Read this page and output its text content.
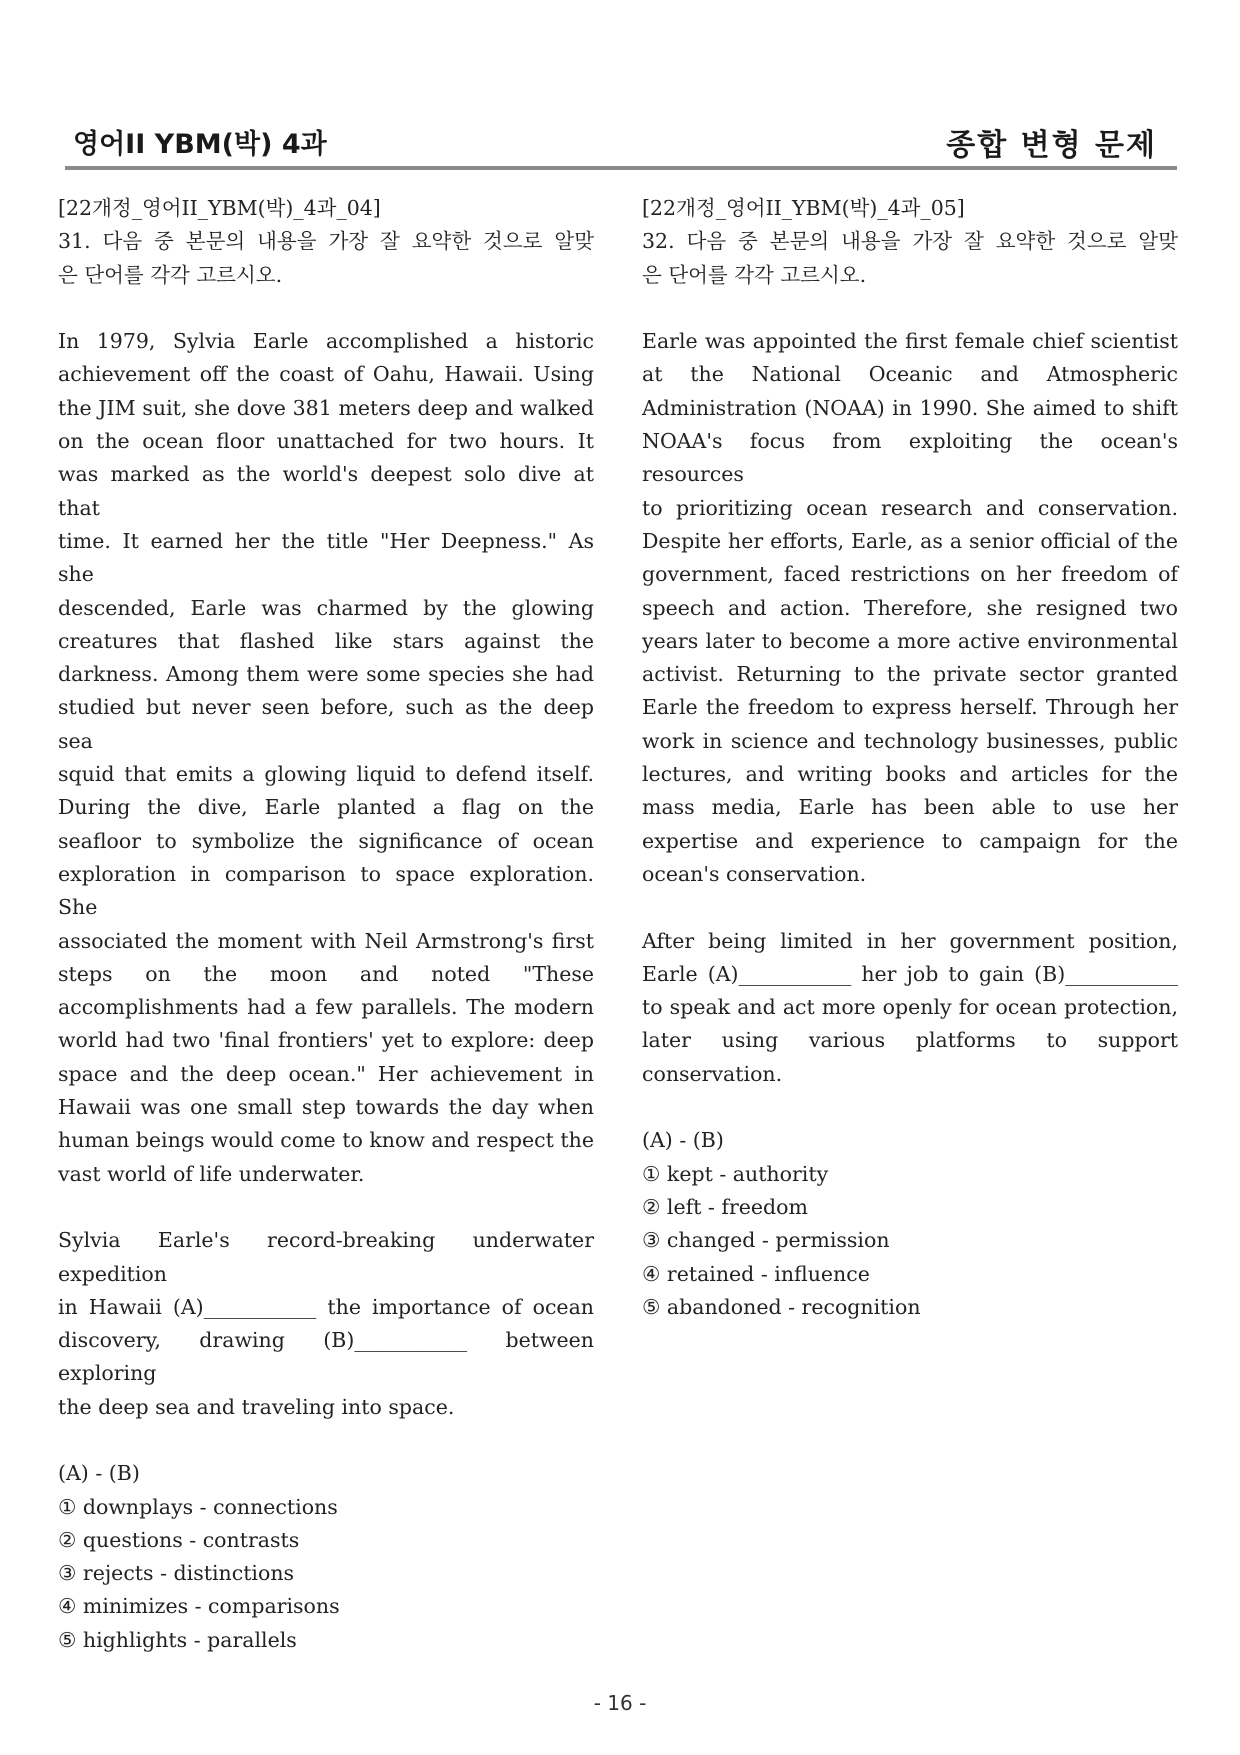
영어II YBM(박) 4과	종합 변형 문제
[22개정_영어II_YBM(박)_4과_04]
31. 다음 중 본문의 내용을 가장 잘 요약한 것으로 알맞
은 단어를 각각 고르시오.
In 1979, Sylvia Earle accomplished a historic
achievement off the coast of Oahu, Hawaii. Using
the JIM suit, she dove 381 meters deep and walked
on the ocean floor unattached for two hours. It
was marked as the world's deepest solo dive at that
time. It earned her the title "Her Deepness." As she
descended, Earle was charmed by the glowing
creatures that flashed like stars against the
darkness. Among them were some species she had
studied but never seen before, such as the deep sea
squid that emits a glowing liquid to defend itself.
During the dive, Earle planted a flag on the
seafloor to symbolize the significance of ocean
exploration in comparison to space exploration. She
associated the moment with Neil Armstrong's first
steps on the moon and noted "These
accomplishments had a few parallels. The modern
world had two 'final frontiers' yet to explore: deep
space and the deep ocean." Her achievement in
Hawaii was one small step towards the day when
human beings would come to know and respect the
vast world of life underwater.
Sylvia Earle's record-breaking underwater expedition
in Hawaii (A)___________ the importance of ocean
discovery, drawing (B)___________ between exploring
the deep sea and traveling into space.
(A) - (B)
① downplays - connections
② questions - contrasts
③ rejects - distinctions
④ minimizes - comparisons
⑤ highlights - parallels
[22개정_영어II_YBM(박)_4과_05]
32. 다음 중 본문의 내용을 가장 잘 요약한 것으로 알맞
은 단어를 각각 고르시오.
Earle was appointed the first female chief scientist
at the National Oceanic and Atmospheric
Administration (NOAA) in 1990. She aimed to shift
NOAA's focus from exploiting the ocean's resources
to prioritizing ocean research and conservation.
Despite her efforts, Earle, as a senior official of the
government, faced restrictions on her freedom of
speech and action. Therefore, she resigned two
years later to become a more active environmental
activist. Returning to the private sector granted
Earle the freedom to express herself. Through her
work in science and technology businesses, public
lectures, and writing books and articles for the
mass media, Earle has been able to use her
expertise and experience to campaign for the
ocean's conservation.
After being limited in her government position,
Earle (A)___________ her job to gain (B)___________
to speak and act more openly for ocean protection,
later using various platforms to support
conservation.
(A) - (B)
① kept - authority
② left - freedom
③ changed - permission
④ retained - influence
⑤ abandoned - recognition
- 16 -
